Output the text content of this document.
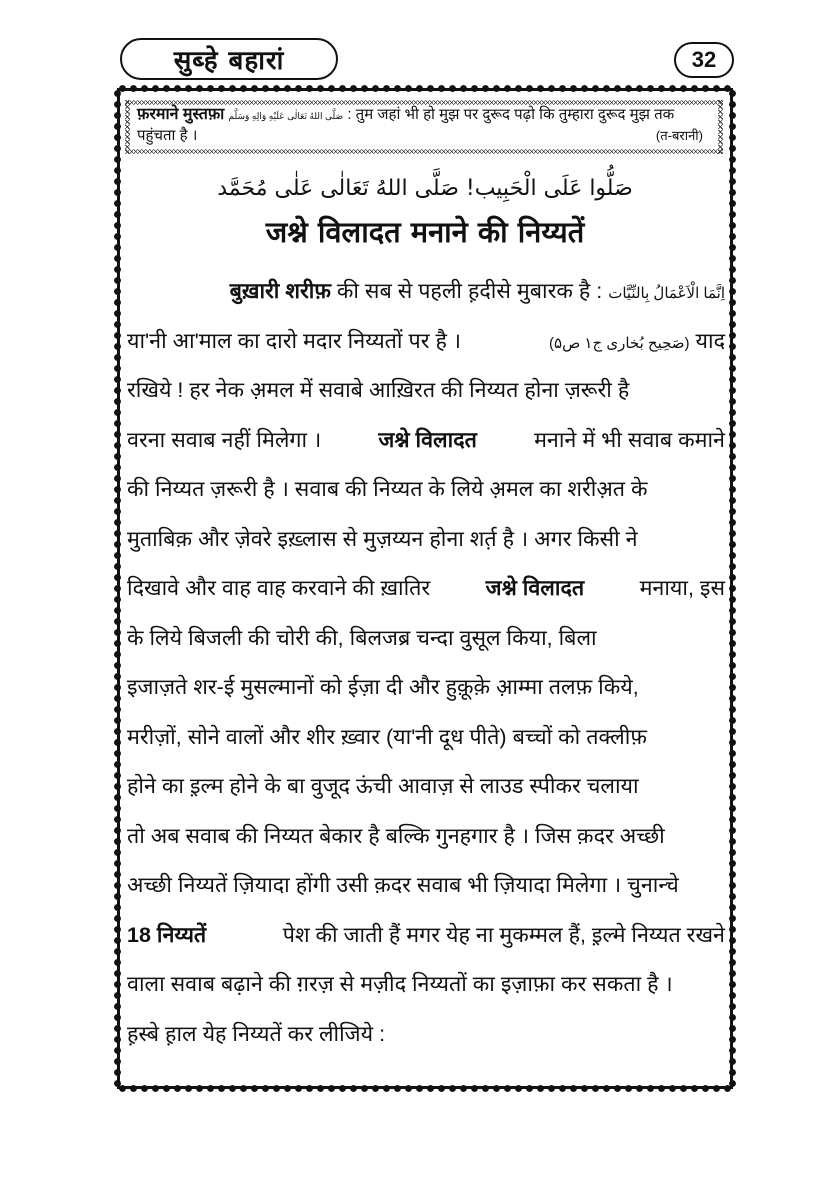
सुब्हे बहारां	32
फ़रमाने मुस्तफ़ा صَلَّى اللهُ تَعَالٰى عَلَيْهِ وَالِهِ وَسَلَّم : तुम जहां भी हो मुझ पर दुरूद पढ़ो कि तुम्हारा दुरूद मुझ तक
पहुंचता है ।	(त-बरानी)
صَلُّوا عَلَى الْحَبِيب! صَلَّى اللهُ تَعَالٰى عَلٰى مُحَمَّد
जश्ने विलादत मनाने की निय्यतें
बुख़ारी शरीफ़ की सब से पहली ह़दीसे मुबारक है : اِنَّمَا الْاَعْمَالُ بِالنِّيَّات
या'नी आ'माल का दारो मदार निय्यतों पर है ।	(صَحِیح بُخاری ج۱ ص۵) याद
रखिये ! हर नेक अ़मल में सवाबे आख़िरत की निय्यत होना ज़रूरी है
वरना सवाब नहीं मिलेगा ।	जश्ने विलादत	मनाने में भी सवाब कमाने
की निय्यत ज़रूरी है । सवाब की निय्यत के लिये अ़मल का शरीअ़त के
मुताबिक़ और ज़ेवरे इख़्लास से मुज़य्यन होना शर्त़ है । अगर किसी ने
दिखावे और वाह वाह करवाने की ख़ातिर	जश्ने विलादत	मनाया, इस
के लिये बिजली की चोरी की, बिलजब्र चन्दा वुसूल किया, बिला
इजाज़ते शर-ई मुसल्मानों को ईज़ा दी और हुक़ूक़े आ़म्मा तलफ़ किये,
मरीज़ों, सोने वालों और शीर ख़्वार (या'नी दूध पीते) बच्चों को तक्लीफ़
होने का इ़ल्म होने के बा वुजूद ऊंची आवाज़ से लाउड स्पीकर चलाया
तो अब सवाब की निय्यत बेकार है बल्कि गुनहगार है । जिस क़दर अच्छी
अच्छी निय्यतें ज़ियादा होंगी उसी क़दर सवाब भी ज़ियादा मिलेगा । चुनान्चे
18 निय्यतें	पेश की जाती हैं मगर येह ना मुकम्मल हैं, इ़ल्मे निय्यत रखने
वाला सवाब बढ़ाने की ग़रज़ से मज़ीद निय्यतों का इज़ाफ़ा कर सकता है ।
ह़स्बे ह़ाल येह निय्यतें कर लीजिये :
